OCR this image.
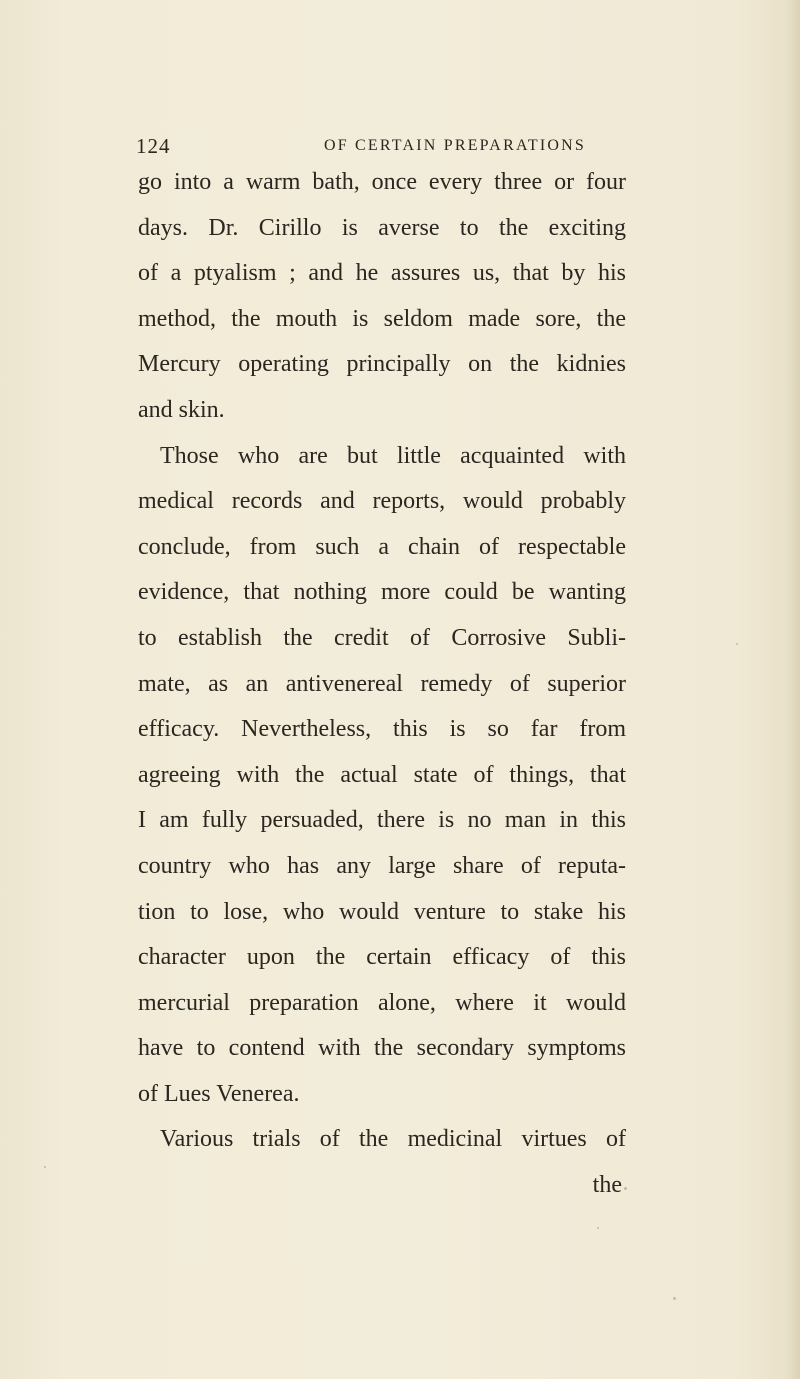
124	OF CERTAIN PREPARATIONS
go into a warm bath, once every three or four
days. Dr. Cirillo is averse to the exciting
of a ptyalism ; and he assures us, that by his
method, the mouth is seldom made sore, the
Mercury operating principally on the kidnies
and skin.
Those who are but little acquainted with
medical records and reports, would probably
conclude, from such a chain of respectable
evidence, that nothing more could be wanting
to establish the credit of Corrosive Subli-
mate, as an antivenereal remedy of superior
efficacy. Nevertheless, this is so far from
agreeing with the actual state of things, that
I am fully persuaded, there is no man in this
country who has any large share of reputa-
tion to lose, who would venture to stake his
character upon the certain efficacy of this
mercurial preparation alone, where it would
have to contend with the secondary symptoms
of Lues Venerea.
Various trials of the medicinal virtues of
the
